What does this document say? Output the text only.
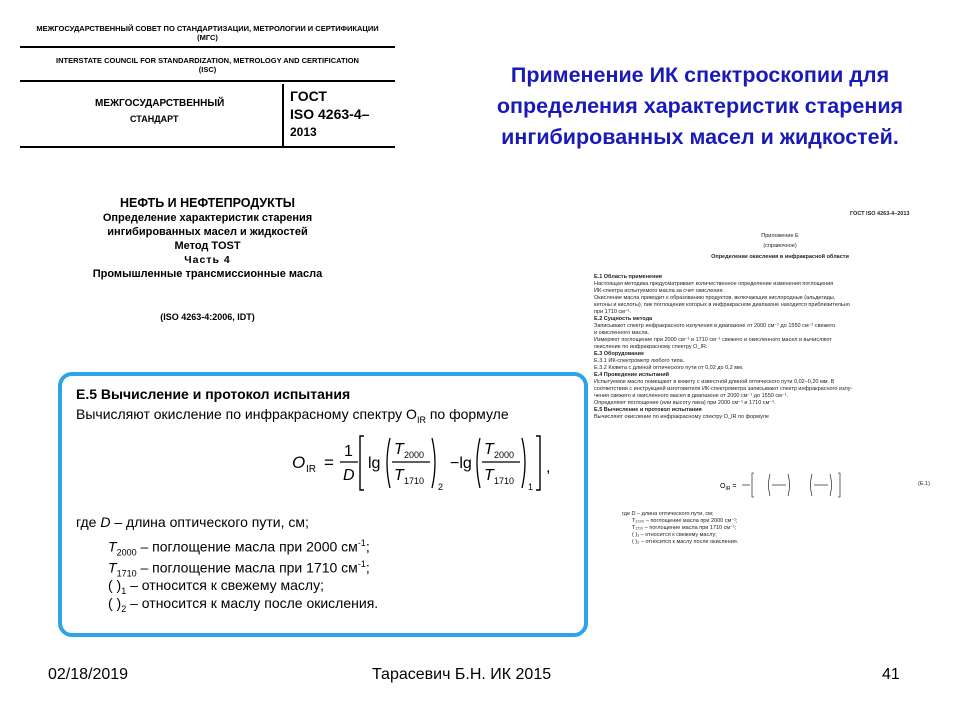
МЕЖГОСУДАРСТВЕННЫЙ СОВЕТ ПО СТАНДАРТИЗАЦИИ, МЕТРОЛОГИИ И СЕРТИФИКАЦИИ
(МГС)
INTERSTATE COUNCIL FOR STANDARDIZATION, METROLOGY AND CERTIFICATION
(ISC)
МЕЖГОСУДАРСТВЕННЫЙ
СТАНДАРТ
ГОСТ
ISO 4263-4–
2013
НЕФТЬ И НЕФТЕПРОДУКТЫ
Определение характеристик старения
ингибированных масел и жидкостей
Метод TOST
Часть 4
Промышленные трансмиссионные масла
(ISO 4263-4:2006, IDT)
Применение ИК спектроскопии для определения характеристик старения ингибированных масел и жидкостей.
Е.5 Вычисление и протокол испытания
Вычисляют окисление по инфракрасному спектру $O_{IR}$ по формуле
O IR =
1
D
lg
T 2000
T 1710
2
−lg
T 2000
T 1710
1
,
где D – длина оптического пути, см;
$T_{2000}$ – поглощение масла при 2000 $см^{-1}$;
$T_{1710}$ – поглощение масла при 1710 $см^{-1}$;
( )$_1$ – относится к свежему маслу;
( )$_2$ – относится к маслу после окисления.
ГОСТ ISO 4263-4–2013
Приложение Е
(справочное)
Определение окисления в инфракрасной области
Е.1 Область применения
Настоящая методика предусматривает количественное определение изменения поглощения
ИК-спектра испытуемого масла за счет окисления.
Окисление масла приводит к образованию продуктов, включающих кислородные (альдегиды,
кетоны и кислоты), пик поглощения которых в инфракрасном диапазоне находится приблизительно
при 1710 см⁻¹.
Е.2 Сущность метода
Записывают спектр инфракрасного излучения в диапазоне от 2000 см⁻¹ до 1550 см⁻¹ свежего
и окисленного масла.
Измеряют поглощение при 2000 см⁻¹ и 1710 см⁻¹ свежего и окисленного масел и вычисляют
окисление по инфракрасному спектру O_IR.
Е.3 Оборудование
Е.3.1 ИК-спектрометр любого типа.
Е.3.2 Кювета с длиной оптического пути от 0,02 до 0,2 мм.
Е.4 Проведение испытаний
Испытуемое масло помещают в кювету с известной длиной оптического пути 0,02–0,20 мм. В
соответствии с инструкцией изготовителя ИК-спектрометра записывают спектр инфракрасного излу-
чения свежего и окисленного масел в диапазоне от 2000 см⁻¹ до 1550 см⁻¹.
Определяют поглощение (или высоту пика) при 2000 см⁻¹ и 1710 см⁻¹.
Е.5 Вычисление и протокол испытания
Вычисляют окисление по инфракрасному спектру O_IR по формуле
$O_{IR}$ =	(Е.1)
где D – длина оптического пути, см;
T₂₀₀₀ – поглощение масла при 2000 см⁻¹;
T₁₇₁₀ – поглощение масла при 1710 см⁻¹;
( )₁ – относится к свежему маслу;
( )₂ – относится к маслу после окисления.
02/18/2019	Тарасевич Б.Н. ИК 2015	41
